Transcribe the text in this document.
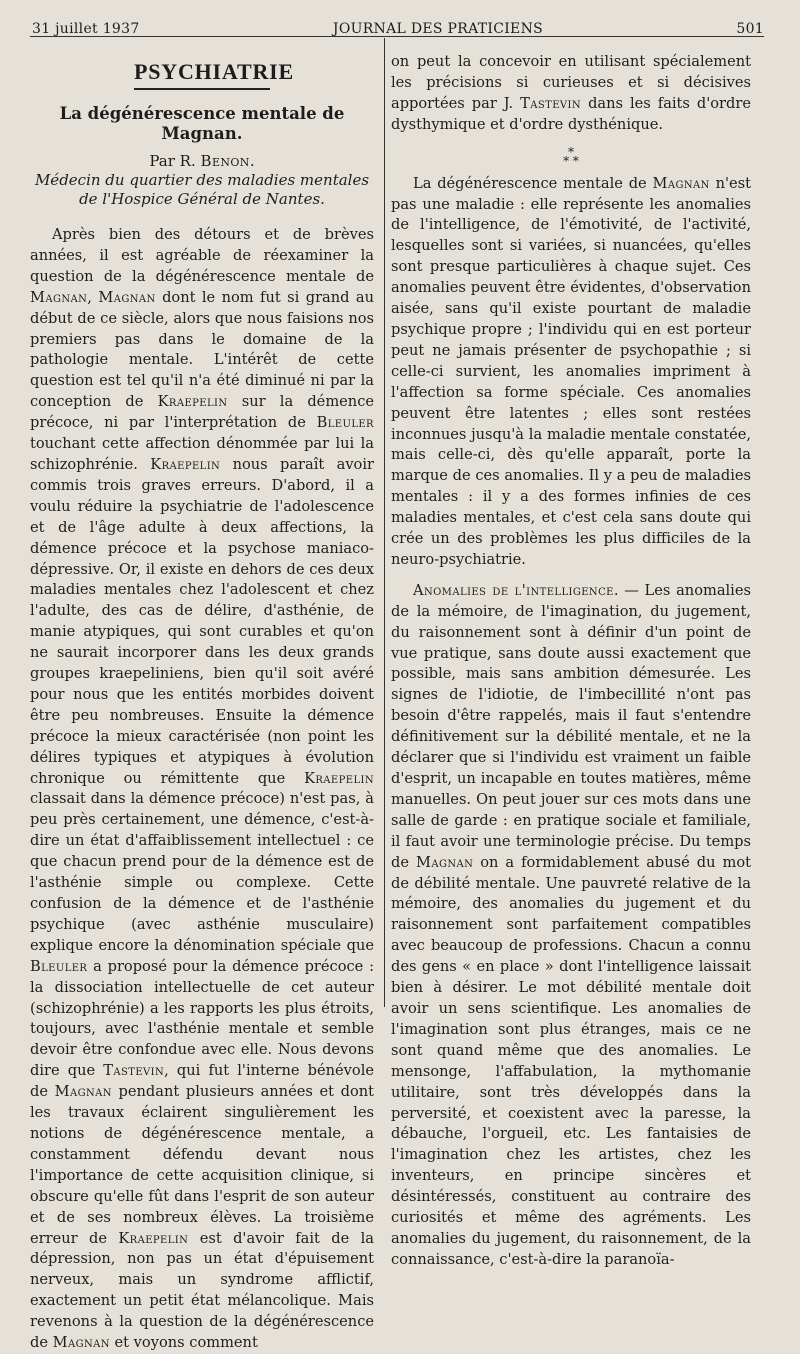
31 juillet 1937	JOURNAL DES PRATICIENS	501
PSYCHIATRIE
La dégénérescence mentale de Magnan.
Par R. Benon.
Médecin du quartier des maladies mentales
de l'Hospice Général de Nantes.

Après bien des détours et de brèves années, il est agréable de réexaminer la question de la dégénérescence mentale de Magnan, Magnan dont le nom fut si grand au début de ce siècle, alors que nous faisions nos premiers pas dans le domaine de la pathologie mentale. L'intérêt de cette question est tel qu'il n'a été diminué ni par la conception de Kraepelin sur la démence précoce, ni par l'interprétation de Bleuler touchant cette affection dénommée par lui la schizophrénie. Kraepelin nous paraît avoir commis trois graves erreurs. D'abord, il a voulu réduire la psychiatrie de l'adolescence et de l'âge adulte à deux affections, la démence précoce et la psychose maniaco-dépressive. Or, il existe en dehors de ces deux maladies mentales chez l'adolescent et chez l'adulte, des cas de délire, d'asthénie, de manie atypiques, qui sont curables et qu'on ne saurait incorporer dans les deux grands groupes kraepeliniens, bien qu'il soit avéré pour nous que les entités morbides doivent être peu nombreuses. Ensuite la démence précoce la mieux caractérisée (non point les délires typiques et atypiques à évolution chronique ou rémittente que Kraepelin classait dans la démence précoce) n'est pas, à peu près certainement, une démence, c'est-à-dire un état d'affaiblissement intellectuel : ce que chacun prend pour de la démence est de l'asthénie simple ou complexe. Cette confusion de la démence et de l'asthénie psychique (avec asthénie musculaire) explique encore la dénomination spéciale que Bleuler a proposé pour la démence précoce : la dissociation intellectuelle de cet auteur (schizophrénie) a les rapports les plus étroits, toujours, avec l'asthénie mentale et semble devoir être confondue avec elle. Nous devons dire que Tastevin, qui fut l'interne bénévole de Magnan pendant plusieurs années et dont les travaux éclairent singulièrement les notions de dégénérescence mentale, a constamment défendu devant nous l'importance de cette acquisition clinique, si obscure qu'elle fût dans l'esprit de son auteur et de ses nombreux élèves. La troisième erreur de Kraepelin est d'avoir fait de la dépression, non pas un état d'épuisement nerveux, mais un syndrome afflictif, exactement un petit état mélancolique. Mais revenons à la question de la dégénérescence de Magnan et voyons comment

on peut la concevoir en utilisant spécialement les précisions si curieuses et si décisives apportées par J. Tastevin dans les faits d'ordre dysthymique et d'ordre dysthénique.

*
* *

La dégénérescence mentale de Magnan n'est pas une maladie : elle représente les anomalies de l'intelligence, de l'émotivité, de l'activité, lesquelles sont si variées, si nuancées, qu'elles sont presque particulières à chaque sujet. Ces anomalies peuvent être évidentes, d'observation aisée, sans qu'il existe pourtant de maladie psychique propre ; l'individu qui en est porteur peut ne jamais présenter de psychopathie ; si celle-ci survient, les anomalies impriment à l'affection sa forme spéciale. Ces anomalies peuvent être latentes ; elles sont restées inconnues jusqu'à la maladie mentale constatée, mais celle-ci, dès qu'elle apparaît, porte la marque de ces anomalies. Il y a peu de maladies mentales : il y a des formes infinies de ces maladies mentales, et c'est cela sans doute qui crée un des problèmes les plus difficiles de la neuro-psychiatrie.

Anomalies de l'intelligence. — Les anomalies de la mémoire, de l'imagination, du jugement, du raisonnement sont à définir d'un point de vue pratique, sans doute aussi exactement que possible, mais sans ambition démesurée. Les signes de l'idiotie, de l'imbecillité n'ont pas besoin d'être rappelés, mais il faut s'entendre définitivement sur la débilité mentale, et ne la déclarer que si l'individu est vraiment un faible d'esprit, un incapable en toutes matières, même manuelles. On peut jouer sur ces mots dans une salle de garde : en pratique sociale et familiale, il faut avoir une terminologie précise. Du temps de Magnan on a formidablement abusé du mot de débilité mentale. Une pauvreté relative de la mémoire, des anomalies du jugement et du raisonnement sont parfaitement compatibles avec beaucoup de professions. Chacun a connu des gens « en place » dont l'intelligence laissait bien à désirer. Le mot débilité mentale doit avoir un sens scientifique. Les anomalies de l'imagination sont plus étranges, mais ce ne sont quand même que des anomalies. Le mensonge, l'affabulation, la mythomanie utilitaire, sont très développés dans la perversité, et coexistent avec la paresse, la débauche, l'orgueil, etc. Les fantaisies de l'imagination chez les artistes, chez les inventeurs, en principe sincères et désintéressés, constituent au contraire des curiosités et même des agréments. Les anomalies du jugement, du raisonnement, de la connaissance, c'est-à-dire la paranoïa-
